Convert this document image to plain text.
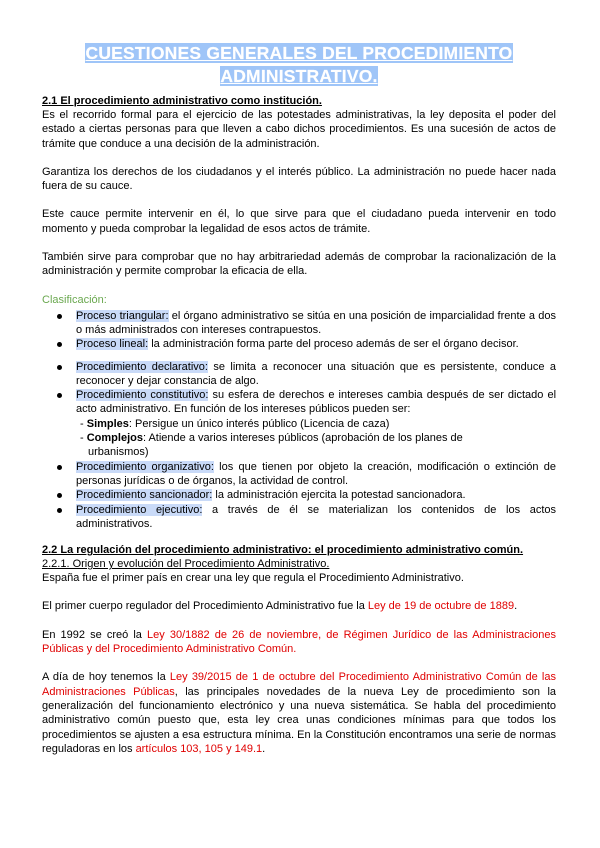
CUESTIONES GENERALES DEL PROCEDIMIENTO
ADMINISTRATIVO.
2.1 El procedimiento administrativo como institución.

Es el recorrido formal para el ejercicio de las potestades administrativas, la ley deposita el poder del estado a ciertas personas para que lleven a cabo dichos procedimientos. Es una sucesión de actos de trámite que conduce a una decisión de la administración.

Garantiza los derechos de los ciudadanos y el interés público. La administración no puede hacer nada fuera de su cauce.

Este cauce permite intervenir en él, lo que sirve para que el ciudadano pueda intervenir en todo momento y pueda comprobar la legalidad de esos actos de trámite.

También sirve para comprobar que no hay arbitrariedad además de comprobar la racionalización de la administración y permite comprobar la eficacia de ella.

Clasificación:
Proceso triangular: el órgano administrativo se sitúa en una posición de imparcialidad frente a dos o más administrados con intereses contrapuestos.
Proceso lineal: la administración forma parte del proceso además de ser el órgano decisor.
Procedimiento declarativo: se limita a reconocer una situación que es persistente, conduce a reconocer y dejar constancia de algo.
Procedimiento constitutivo: su esfera de derechos e intereses cambia después de ser dictado el acto administrativo. En función de los intereses públicos pueden ser:
- Simples: Persigue un único interés público (Licencia de caza)
- Complejos: Atiende a varios intereses públicos (aprobación de los planes de
urbanismos)
Procedimiento organizativo: los que tienen por objeto la creación, modificación o extinción de personas jurídicas o de órganos, la actividad de control.
Procedimiento sancionador: la administración ejercita la potestad sancionadora.
Procedimiento ejecutivo: a través de él se materializan los contenidos de los actos administrativos.
2.2 La regulación del procedimiento administrativo: el procedimiento administrativo común.
2.2.1. Origen y evolución del Procedimiento Administrativo.

España fue el primer país en crear una ley que regula el Procedimiento Administrativo.

El primer cuerpo regulador del Procedimiento Administrativo fue la Ley de 19 de octubre de 1889.

En 1992 se creó la Ley 30/1882 de 26 de noviembre, de Régimen Jurídico de las Administraciones Públicas y del Procedimiento Administrativo Común.

A día de hoy tenemos la Ley 39/2015 de 1 de octubre del Procedimiento Administrativo Común de las Administraciones Públicas, las principales novedades de la nueva Ley de procedimiento son la generalización del funcionamiento electrónico y una nueva sistemática. Se habla del procedimiento administrativo común puesto que, esta ley crea unas condiciones mínimas para que todos los procedimientos se ajusten a esa estructura mínima. En la Constitución encontramos una serie de normas reguladoras en los artículos 103, 105 y 149.1.
